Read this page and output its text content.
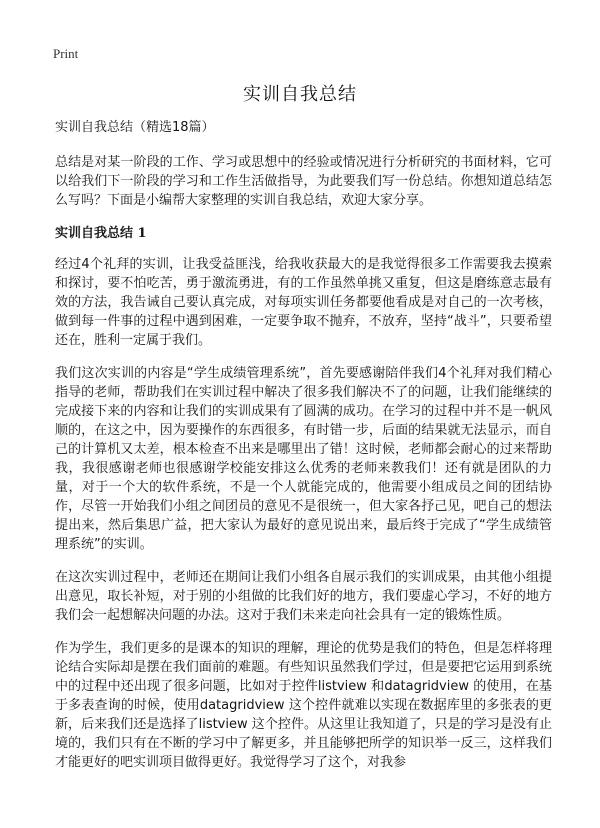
Print
实训自我总结

实训自我总结（精选18篇）

总结是对某一阶段的工作、学习或思想中的经验或情况进行分析研究的书面材料，它可以给我们下一阶段的学习和工作生活做指导，为此要我们写一份总结。你想知道总结怎么写吗？下面是小编帮大家整理的实训自我总结，欢迎大家分享。

实训自我总结 1

经过4个礼拜的实训，让我受益匪浅，给我收获最大的是我觉得很多工作需要我去摸索和探讨，要不怕吃苦，勇于激流勇进，有的工作虽然单挑又重复，但这是磨练意志最有效的方法，我告诫自己要认真完成，对每项实训任务都要他看成是对自己的一次考核，做到每一件事的过程中遇到困难，一定要争取不抛弃，不放弃，坚持“战斗”，只要希望还在，胜利一定属于我们。

我们这次实训的内容是“学生成绩管理系统”，首先要感谢陪伴我们4个礼拜对我们精心指导的老师，帮助我们在实训过程中解决了很多我们解决不了的问题，让我们能继续的完成接下来的内容和让我们的实训成果有了圆满的成功。在学习的过程中并不是一帆风顺的，在这之中，因为要操作的东西很多，有时错一步，后面的结果就无法显示，而自己的计算机又太差，根本检查不出来是哪里出了错！这时候，老师都会耐心的过来帮助我，我很感谢老师也很感谢学校能安排这么优秀的老师来教我们！还有就是团队的力量，对于一个大的软件系统，不是一个人就能完成的，他需要小组成员之间的团结协作，尽管一开始我们小组之间团员的意见不是很统一，但大家各抒己见，吧自己的想法提出来，然后集思广益，把大家认为最好的意见说出来，最后终于完成了“学生成绩管理系统”的实训。

在这次实训过程中，老师还在期间让我们小组各自展示我们的实训成果，由其他小组提出意见，取长补短，对于别的小组做的比我们好的地方，我们要虚心学习，不好的地方我们会一起想解决问题的办法。这对于我们未来走向社会具有一定的锻炼性质。

作为学生，我们更多的是课本的知识的理解，理论的优势是我们的特色，但是怎样将理论结合实际却是摆在我们面前的难题。有些知识虽然我们学过，但是要把它运用到系统中的过程中还出现了很多问题，比如对于控件listview 和datagridview 的使用，在基于多表查询的时候，使用datagridview 这个控件就难以实现在数据库里的多张表的更新，后来我们还是选择了listview 这个控件。从这里让我知道了，只是的学习是没有止境的，我们只有在不断的学习中了解更多，并且能够把所学的知识举一反三，这样我们才能更好的吧实训项目做得更好。我觉得学习了这个，对我参
